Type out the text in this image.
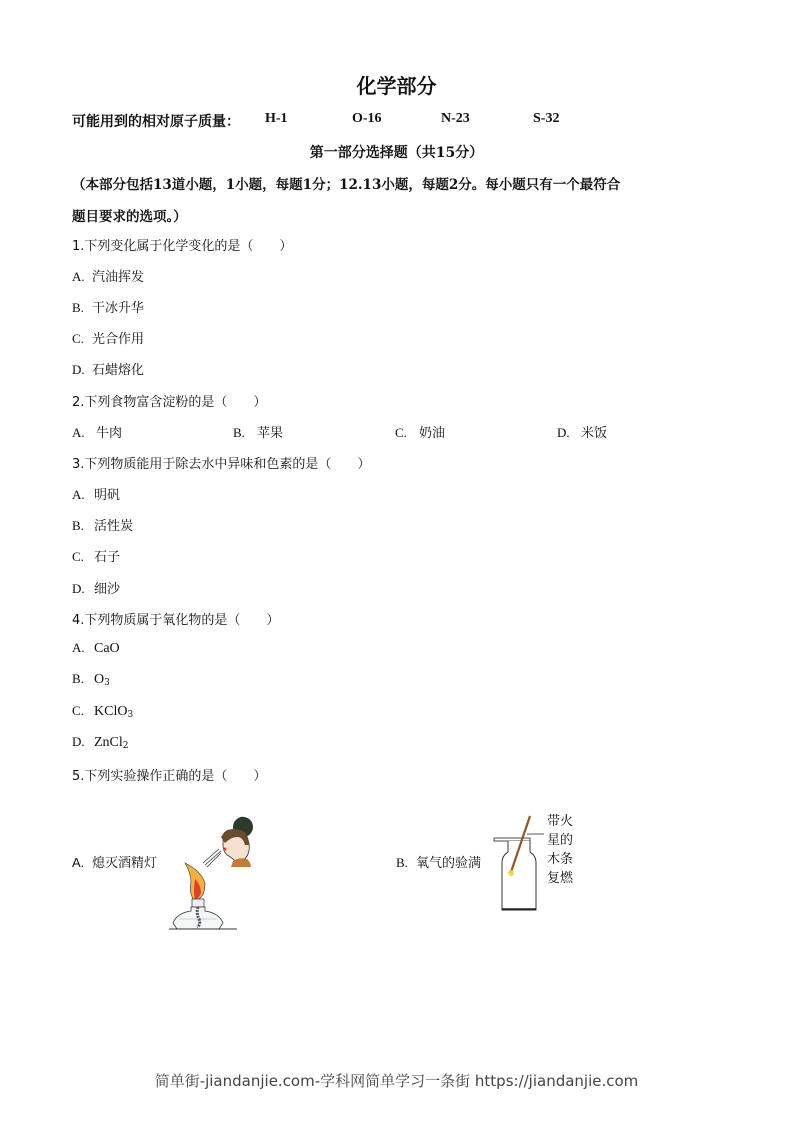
化学部分
可能用到的相对原子质量： H-1	O-16	N-23	S-32
第一部分选择题（共15分）
（本部分包括13道小题，1小题，每题1分；12.13小题，每题2分。每小题只有一个最符合
题目要求的选项。）
1.下列变化属于化学变化的是（　　）
A. 汽油挥发
B. 干冰升华
C. 光合作用
D. 石蜡熔化
2.下列食物富含淀粉的是（　　）
A. 牛肉	B. 苹果	C. 奶油	D. 米饭
3.下列物质能用于除去水中异味和色素的是（　　）
A. 明矾
B. 活性炭
C. 石子
D. 细沙
4.下列物质属于氧化物的是（　　）
A. CaO
B. $O_3$
C. KClO$_3$
D. ZnCl$_2$
5.下列实验操作正确的是（　　）
A. 熄灭酒精灯	B. 氧气的验满
带火星的木条复燃
简单街-jiandanjie.com-学科网简单学习一条街 https://jiandanjie.com
